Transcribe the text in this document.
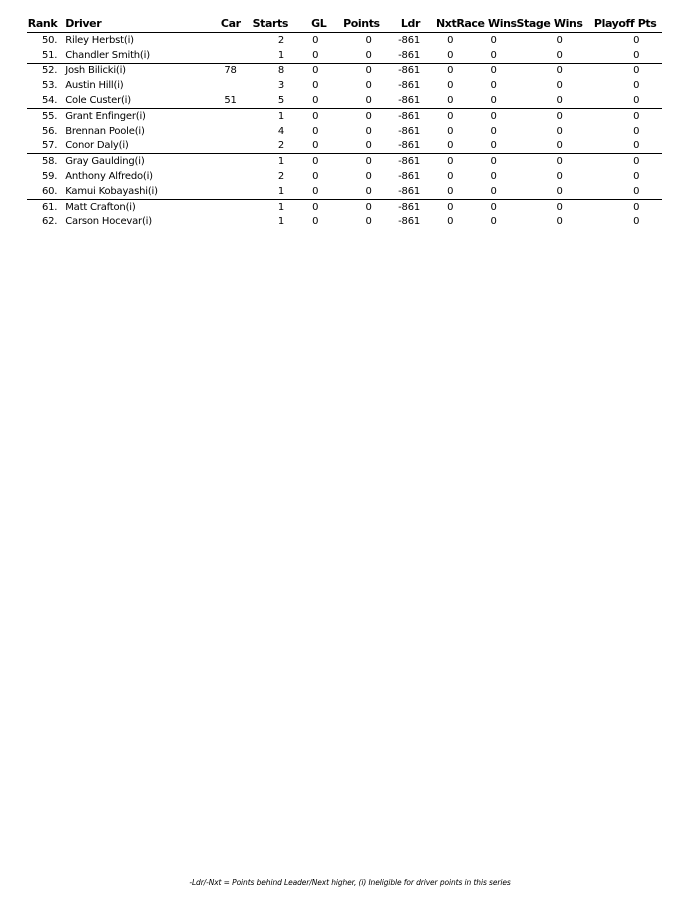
Rank	Driver	Car	Starts	GL	Points	Ldr	Nxt	Race Wins	Stage Wins	Playoff Pts
50.	Riley Herbst(i)		2	0	0	-861	0	0	0	0
51.	Chandler Smith(i)		1	0	0	-861	0	0	0	0
52.	Josh Bilicki(i)	78	8	0	0	-861	0	0	0	0
53.	Austin Hill(i)		3	0	0	-861	0	0	0	0
54.	Cole Custer(i)	51	5	0	0	-861	0	0	0	0
55.	Grant Enfinger(i)		1	0	0	-861	0	0	0	0
56.	Brennan Poole(i)		4	0	0	-861	0	0	0	0
57.	Conor Daly(i)		2	0	0	-861	0	0	0	0
58.	Gray Gaulding(i)		1	0	0	-861	0	0	0	0
59.	Anthony Alfredo(i)		2	0	0	-861	0	0	0	0
60.	Kamui Kobayashi(i)		1	0	0	-861	0	0	0	0
61.	Matt Crafton(i)		1	0	0	-861	0	0	0	0
62.	Carson Hocevar(i)		1	0	0	-861	0	0	0	0
-Ldr/-Nxt = Points behind Leader/Next higher, (i) Ineligible for driver points in this series
